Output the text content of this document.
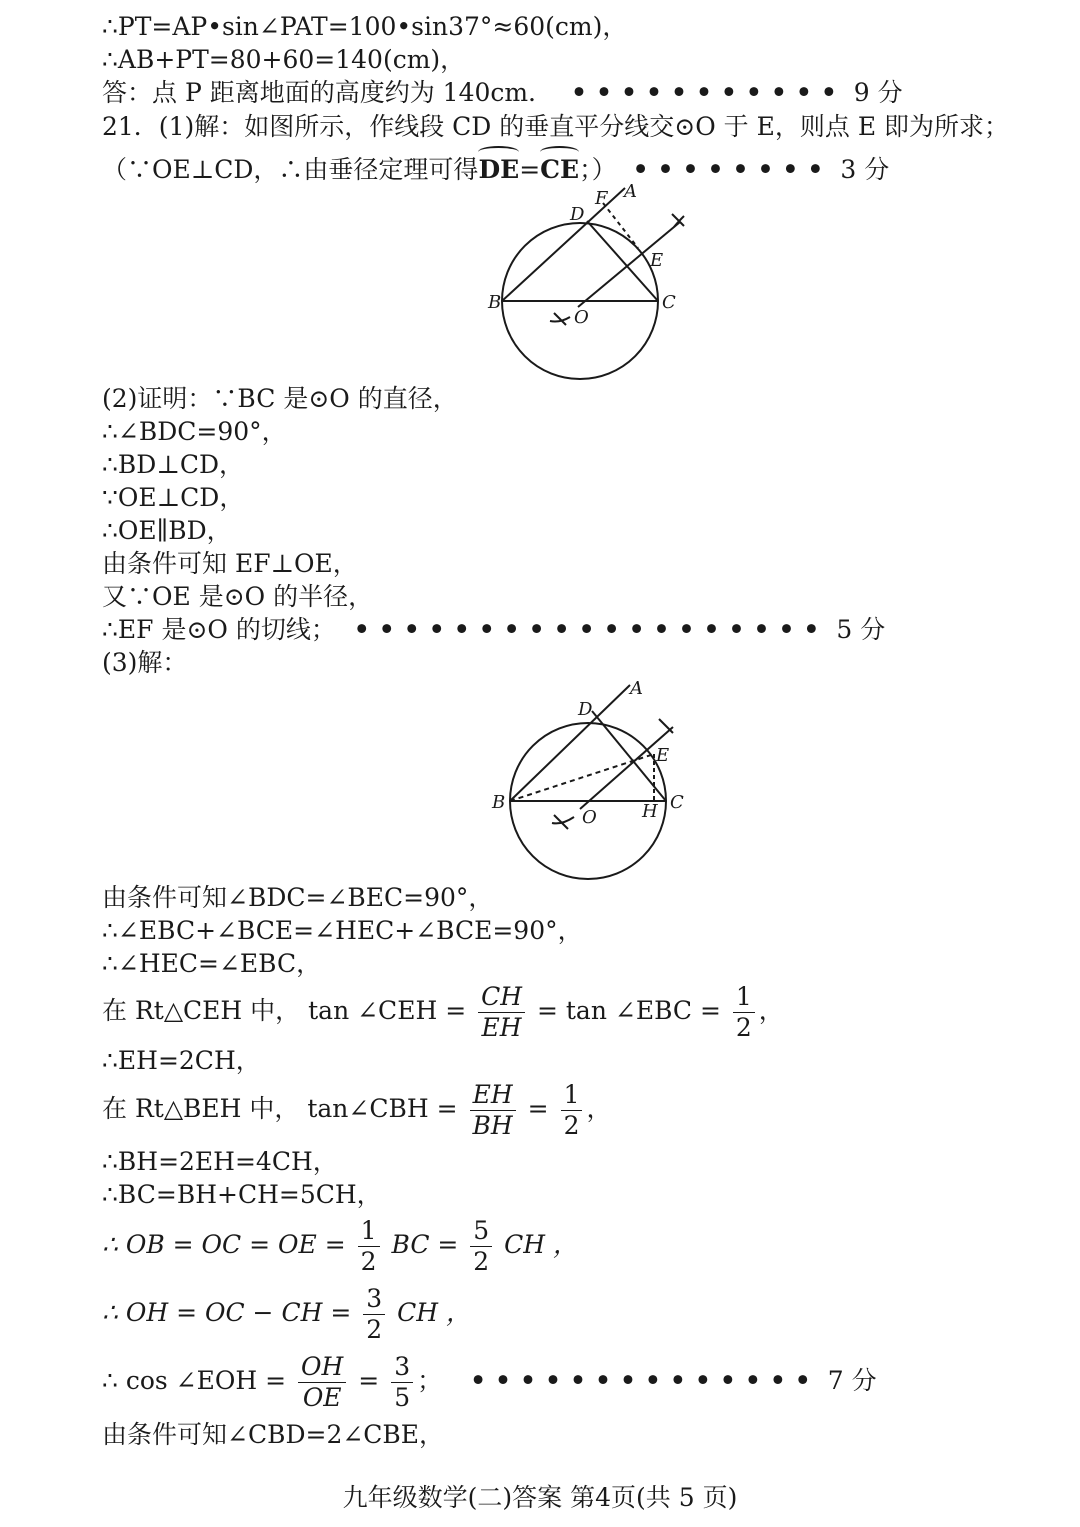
∴PT=AP•sin∠PAT=100•sin37°≈60(cm)，
∴AB+PT=80+60=140(cm)，
答：点 P 距离地面的高度约为 140cm． ••••••••••• 9 分
21．(1)解：如图所示，作线段 CD 的垂直平分线交⊙O 于 E，则点 E 即为所求；
（∵OE⊥CD，∴由垂径定理可得DE=CE；） •••••••• 3 分
B	C
D
F A
E
O
(2)证明：∵BC 是⊙O 的直径，
∴∠BDC=90°，
∴BD⊥CD，
∵OE⊥CD，
∴OE∥BD，
由条件可知 EF⊥OE，
又∵OE 是⊙O 的半径，
∴EF 是⊙O 的切线； ••••••••••••••••••• 5 分
(3)解：
B	C
D
A
E
H
O
由条件可知∠BDC=∠BEC=90°，
∴∠EBC+∠BCE=∠HEC+∠BCE=90°，
∴∠HEC=∠EBC，
在 Rt△CEH 中， tan ∠CEH = $\frac{CH}{EH} = \tan$ ∠EBC = $\frac{1}{2}$ ，
∴EH=2CH，
在 Rt△BEH 中， tan∠CBH = $\frac{EH}{BH} = \frac{1}{2}$ ，
∴BH=2EH=4CH，
∴BC=BH+CH=5CH，
∴ OB = OC = OE = $\frac{1}{2}$ BC = $\frac{5}{2}$ CH ，
∴ OH = OC − CH = $\frac{3}{2}$ CH ，
∴ cos ∠EOH = $\frac{OH}{OE} = \frac{3}{5}$ ； •••••••••••••• 7 分
由条件可知∠CBD=2∠CBE，
九年级数学(二)答案 第4页(共 5 页)
